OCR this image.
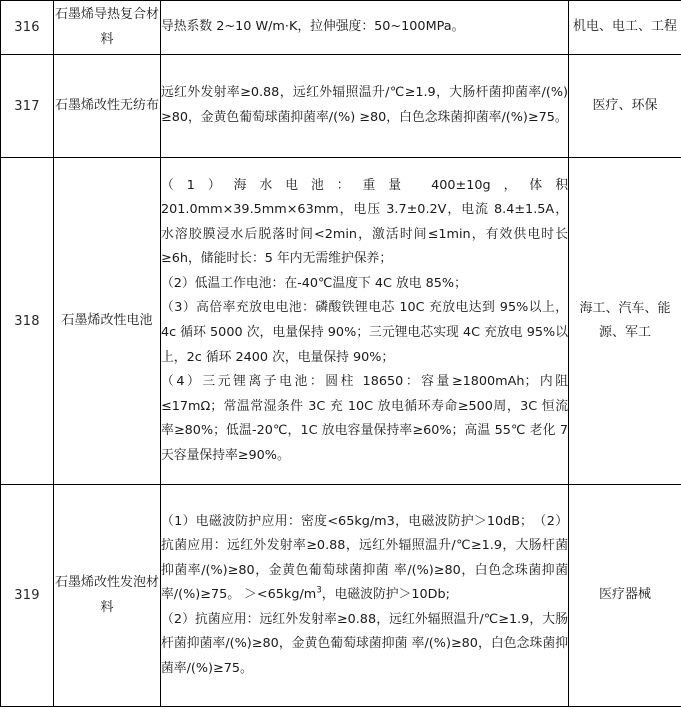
316	石墨烯导热复合材料	导热系数 2~10 W/m·K，拉伸强度：50~100MPa。	机电、电工、工程
317	石墨烯改性无纺布	远红外发射率≥0.88，远红外辐照温升/℃≥1.9，大肠杆菌抑菌率/(%) ≥80，金黄色葡萄球菌抑菌率/(%) ≥80，白色念珠菌抑菌率/(%)≥75。	医疗、环保
318	石墨烯改性电池	（1）海水电池：重量 400±10g，体积 201.0mm×39.5mm×63mm，电压 3.7±0.2V，电流 8.4±1.5A，水溶胶膜浸水后脱落时间<2min，激活时间≤1min，有效供电时长≥6h，储能时长：5 年内无需维护保养；

（2）低温工作电池：在-40℃温度下 4C 放电 85%；

（3）高倍率充放电电池：磷酸铁锂电芯 10C 充放电达到 95%以上，4c 循环 5000 次，电量保持 90%；三元锂电芯实现 4C 充放电 95%以上，2c 循环 2400 次，电量保持 90%；

（4）三元锂离子电池：圆柱 18650：容量≥1800mAh；内阻≤17mΩ；常温常湿条件 3C 充 10C 放电循环寿命≥500周，3C 恒流率≥80%；低温-20℃，1C 放电容量保持率≥60%；高温 55℃ 老化 7 天容量保持率≥90%。	海工、汽车、能源、军工
319	石墨烯改性发泡材料	（1）电磁波防护应用：密度<65kg/m3，电磁波防护＞10dB；　（2）抗菌应用：远红外发射率≥0.88，远红外辐照温升/℃≥1.9，大肠杆菌抑菌率/(%)≥80，金黄色葡萄球菌抑菌 率/(%)≥80，白色念珠菌抑菌率/(%)≥75。 $><65kg/m^3$，电磁波防护＞10Db;

（2）抗菌应用：远红外发射率≥0.88，远红外辐照温升/℃≥1.9，大肠杆菌抑菌率/(%)≥80，金黄色葡萄球菌抑菌 率/(%)≥80，白色念珠菌抑菌率/(%)≥75。	医疗器械
